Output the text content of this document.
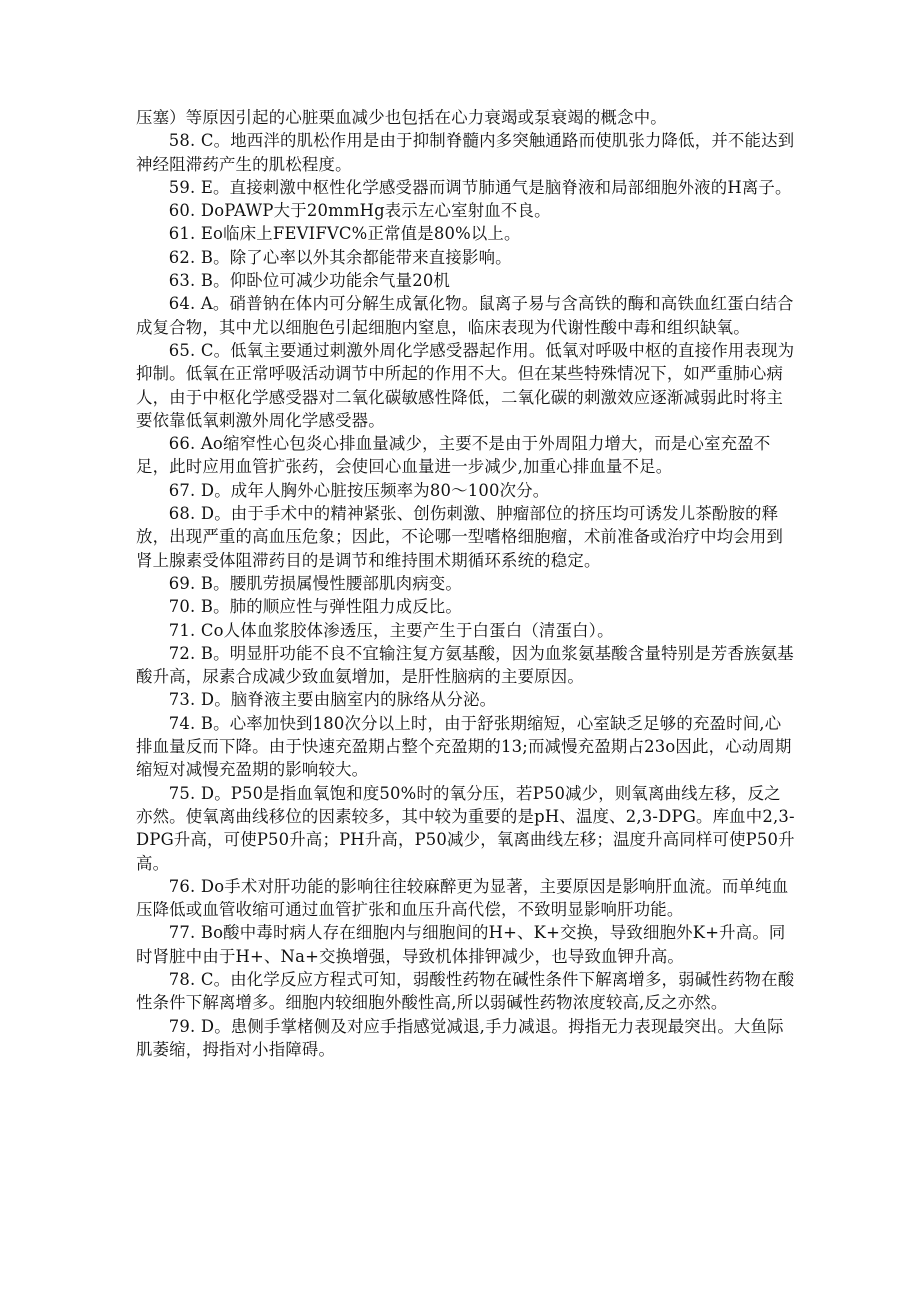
压塞）等原因引起的心脏栗血减少也包括在心力衰竭或泵衰竭的概念中。

58. C。地西泮的肌松作用是由于抑制脊髓内多突触通路而使肌张力降低，并不能达到神经阻滞药产生的肌松程度。

59. E。直接刺激中枢性化学感受器而调节肺通气是脑脊液和局部细胞外液的H离子。

60. DoPAWP大于20mmHg表示左心室射血不良。

61. Eo临床上FEVIFVC%正常值是80%以上。

62. B。除了心率以外其余都能带来直接影响。

63. B。仰卧位可减少功能余气量20机

64. A。硝普钠在体内可分解生成氰化物。鼠离子易与含高铁的酶和高铁血红蛋白结合成复合物，其中尤以细胞色引起细胞内窒息，临床表现为代谢性酸中毒和组织缺氧。

65. C。低氧主要通过刺激外周化学感受器起作用。低氧对呼吸中枢的直接作用表现为抑制。低氧在正常呼吸活动调节中所起的作用不大。但在某些特殊情况下，如严重肺心病人，由于中枢化学感受器对二氧化碳敏感性降低，二氧化碳的刺激效应逐渐减弱此时将主要依靠低氧刺激外周化学感受器。

66. Ao缩窄性心包炎心排血量减少，主要不是由于外周阻力增大，而是心室充盈不足，此时应用血管扩张药，会使回心血量进一步减少,加重心排血量不足。

67. D。成年人胸外心脏按压频率为80～100次分。

68. D。由于手术中的精神紧张、创伤刺激、肿瘤部位的挤压均可诱发儿茶酚胺的释放，出现严重的高血压危象；因此，不论哪一型嗜格细胞瘤，术前准备或治疗中均会用到肾上腺素受体阻滞药目的是调节和维持围术期循环系统的稳定。

69. B。腰肌劳损属慢性腰部肌肉病变。

70. B。肺的顺应性与弹性阻力成反比。

71. Co人体血浆胶体渗透压，主要产生于白蛋白（清蛋白）。

72. B。明显肝功能不良不宜输注复方氨基酸，因为血浆氨基酸含量特别是芳香族氨基酸升高，尿素合成减少致血氨增加，是肝性脑病的主要原因。

73. D。脑脊液主要由脑室内的脉络从分泌。

74. B。心率加快到180次分以上时，由于舒张期缩短，心室缺乏足够的充盈时间,心排血量反而下降。由于快速充盈期占整个充盈期的13;而减慢充盈期占23o因此，心动周期缩短对减慢充盈期的影响较大。

75. D。P50是指血氧饱和度50%时的氧分压，若P50减少，则氧离曲线左移，反之亦然。使氧离曲线移位的因素较多，其中较为重要的是pH、温度、2,3-DPG。库血中2,3-DPG升高，可使P50升高；PH升高，P50减少，氧离曲线左移；温度升高同样可使P50升高。

76. Do手术对肝功能的影响往往较麻醉更为显著，主要原因是影响肝血流。而单纯血压降低或血管收缩可通过血管扩张和血压升高代偿，不致明显影响肝功能。

77. Bo酸中毒时病人存在细胞内与细胞间的H+、K+交换，导致细胞外K+升高。同时肾脏中由于H+、Na+交换增强，导致机体排钾减少，也导致血钾升高。

78. C。由化学反应方程式可知，弱酸性药物在碱性条件下解离增多，弱碱性药物在酸性条件下解离增多。细胞内较细胞外酸性高,所以弱碱性药物浓度较高,反之亦然。

79. D。患侧手掌楮侧及对应手指感觉减退,手力减退。拇指无力表现最突出。大鱼际肌萎缩，拇指对小指障碍。
